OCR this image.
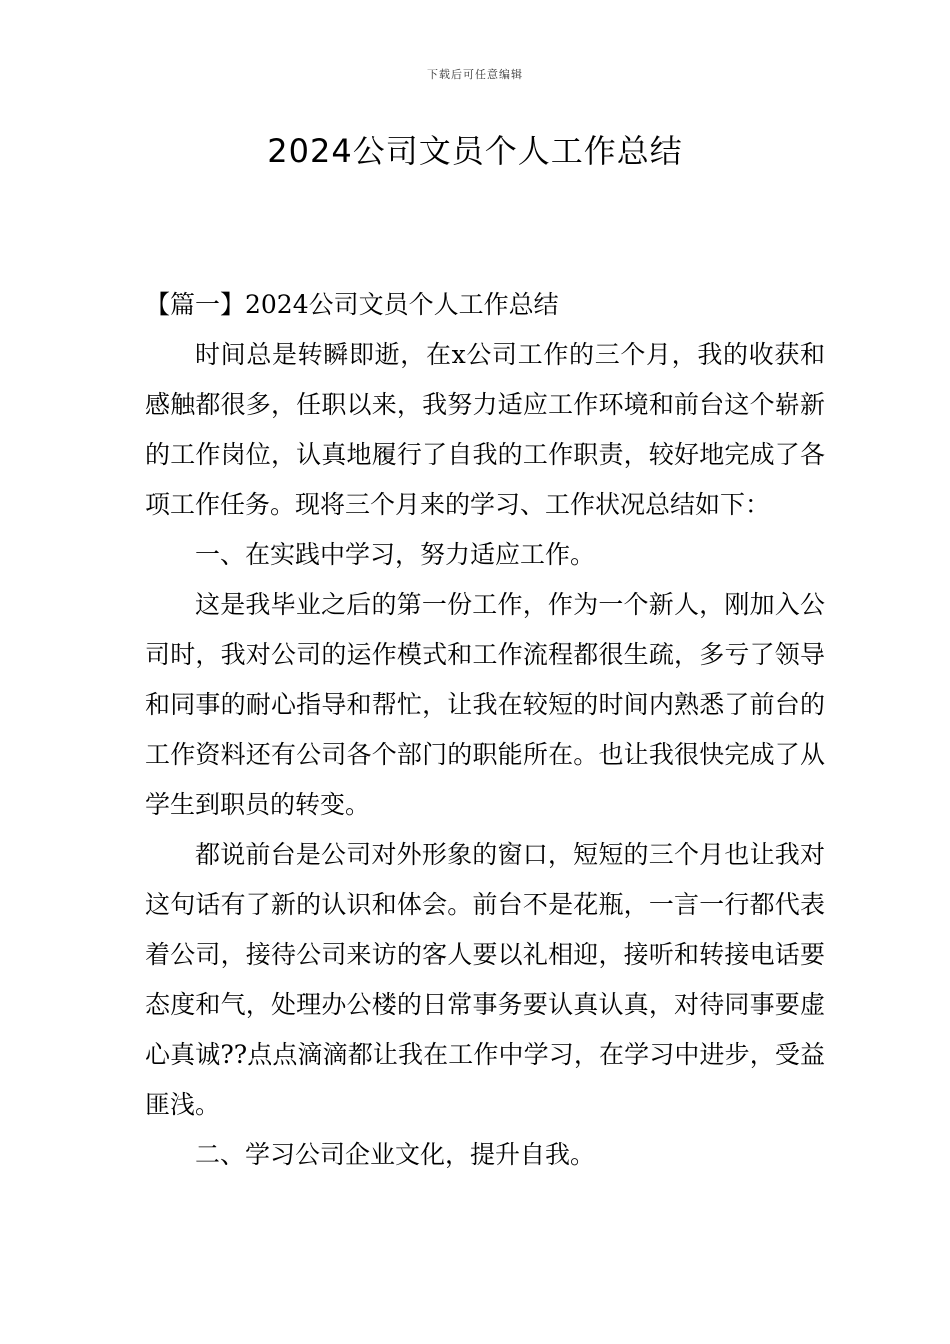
下载后可任意编辑
2024公司文员个人工作总结

【篇一】2024公司文员个人工作总结

时间总是转瞬即逝，在x公司工作的三个月，我的收获和感触都很多，任职以来，我努力适应工作环境和前台这个崭新的工作岗位，认真地履行了自我的工作职责，较好地完成了各项工作任务。现将三个月来的学习、工作状况总结如下：

一、在实践中学习，努力适应工作。

这是我毕业之后的第一份工作，作为一个新人，刚加入公司时，我对公司的运作模式和工作流程都很生疏，多亏了领导和同事的耐心指导和帮忙，让我在较短的时间内熟悉了前台的工作资料还有公司各个部门的职能所在。也让我很快完成了从学生到职员的转变。

都说前台是公司对外形象的窗口，短短的三个月也让我对这句话有了新的认识和体会。前台不是花瓶，一言一行都代表着公司，接待公司来访的客人要以礼相迎，接听和转接电话要态度和气，处理办公楼的日常事务要认真认真，对待同事要虚心真诚??点点滴滴都让我在工作中学习，在学习中进步，受益匪浅。

二、学习公司企业文化，提升自我。
